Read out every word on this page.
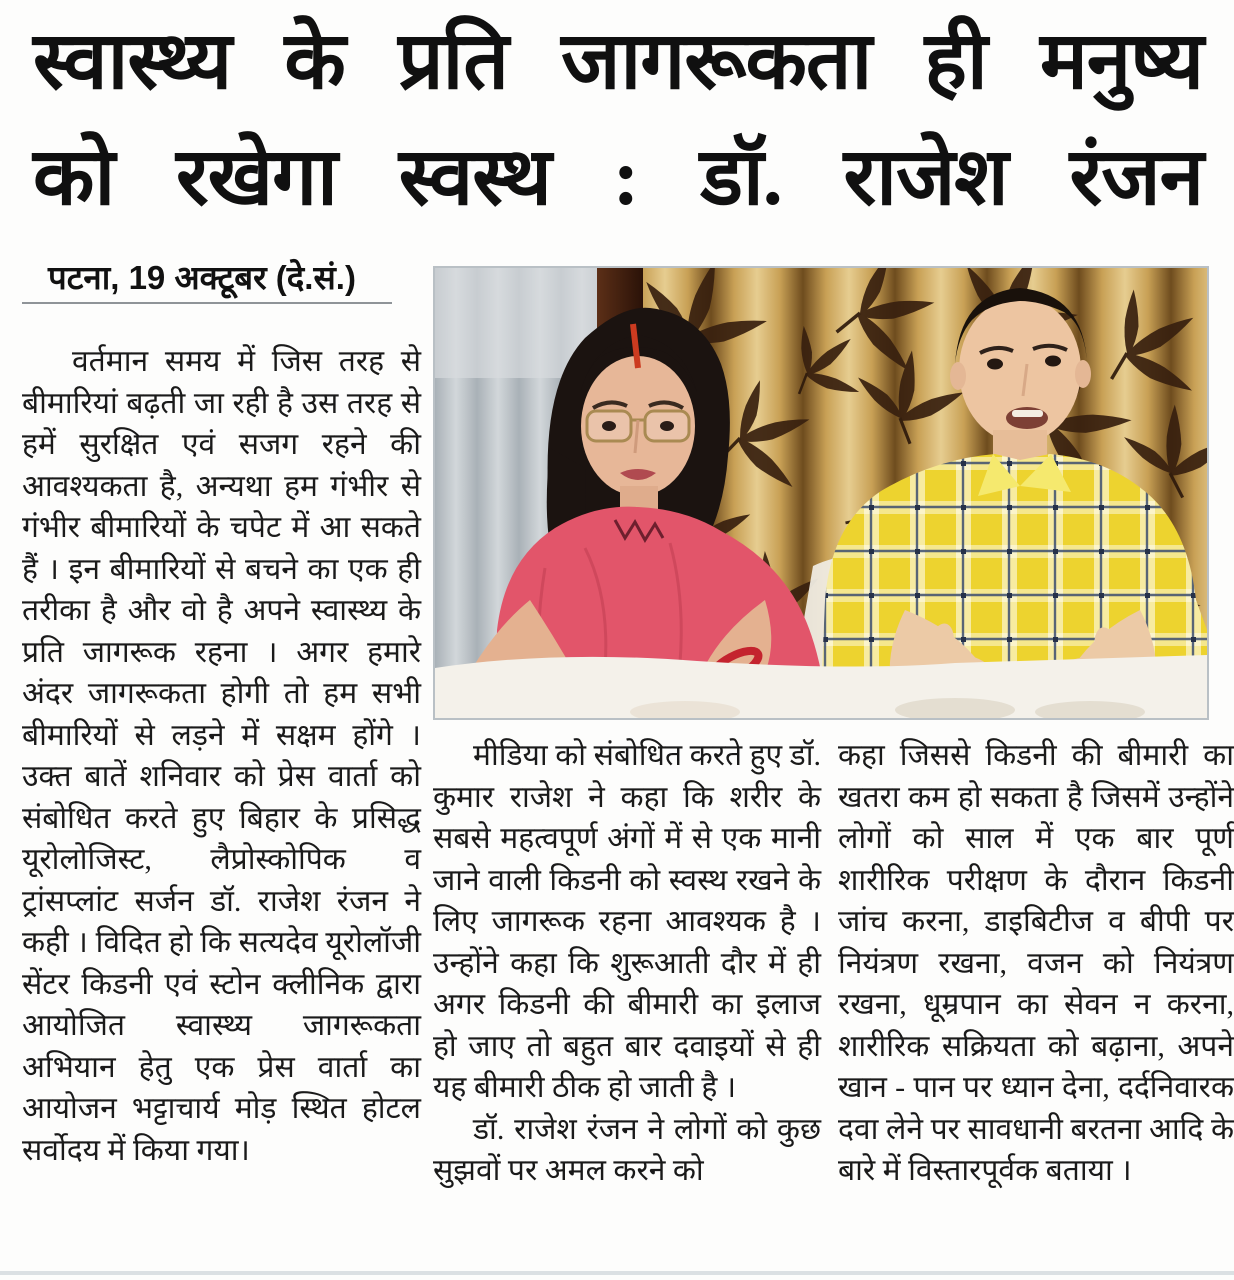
स्वास्थ्य के प्रति जागरूकता ही मनुष्य
को रखेगा स्वस्थ : डॉ. राजेश रंजन
पटना, 19 अक्टूबर (दे.सं.)

वर्तमान समय में जिस तरह से बीमारियां बढ़ती जा रही है उस तरह से हमें सुरक्षित एवं सजग रहने की आवश्यकता है, अन्यथा हम गंभीर से गंभीर बीमारियों के चपेट में आ सकते हैं । इन बीमारियों से बचने का एक ही तरीका है और वो है अपने स्वास्थ्य के प्रति जागरूक रहना । अगर हमारे अंदर जागरूकता होगी तो हम सभी बीमारियों से लड़ने में सक्षम होंगे । उक्त बातें शनिवार को प्रेस वार्ता को संबोधित करते हुए बिहार के प्रसिद्ध यूरोलोजिस्ट, लैप्रोस्कोपिक व ट्रांसप्लांट सर्जन डॉ. राजेश रंजन ने कही । विदित हो कि सत्यदेव यूरोलॉजी सेंटर किडनी एवं स्टोन क्लीनिक द्वारा आयोजित स्वास्थ्य जागरूकता अभियान हेतु एक प्रेस वार्ता का आयोजन भट्टाचार्य मोड़ स्थित होटल सर्वोदय में किया गया।

मीडिया को संबोधित करते हुए डॉ. कुमार राजेश ने कहा कि शरीर के सबसे महत्वपूर्ण अंगों में से एक मानी जाने वाली किडनी को स्वस्थ रखने के लिए जागरूक रहना आवश्यक है । उन्होंने कहा कि शुरूआती दौर में ही अगर किडनी की बीमारी का इलाज हो जाए तो बहुत बार दवाइयों से ही यह बीमारी ठीक हो जाती है ।

डॉ. राजेश रंजन ने लोगों को कुछ सुझवों पर अमल करने को

कहा जिससे किडनी की बीमारी का खतरा कम हो सकता है जिसमें उन्होंने लोगों को साल में एक बार पूर्ण शारीरिक परीक्षण के दौरान किडनी जांच करना, डाइबिटीज व बीपी पर नियंत्रण रखना, वजन को नियंत्रण रखना, धूम्रपान का सेवन न करना, शारीरिक सक्रियता को बढ़ाना, अपने खान - पान पर ध्यान देना, दर्दनिवारक दवा लेने पर सावधानी बरतना आदि के बारे में विस्तारपूर्वक बताया ।
